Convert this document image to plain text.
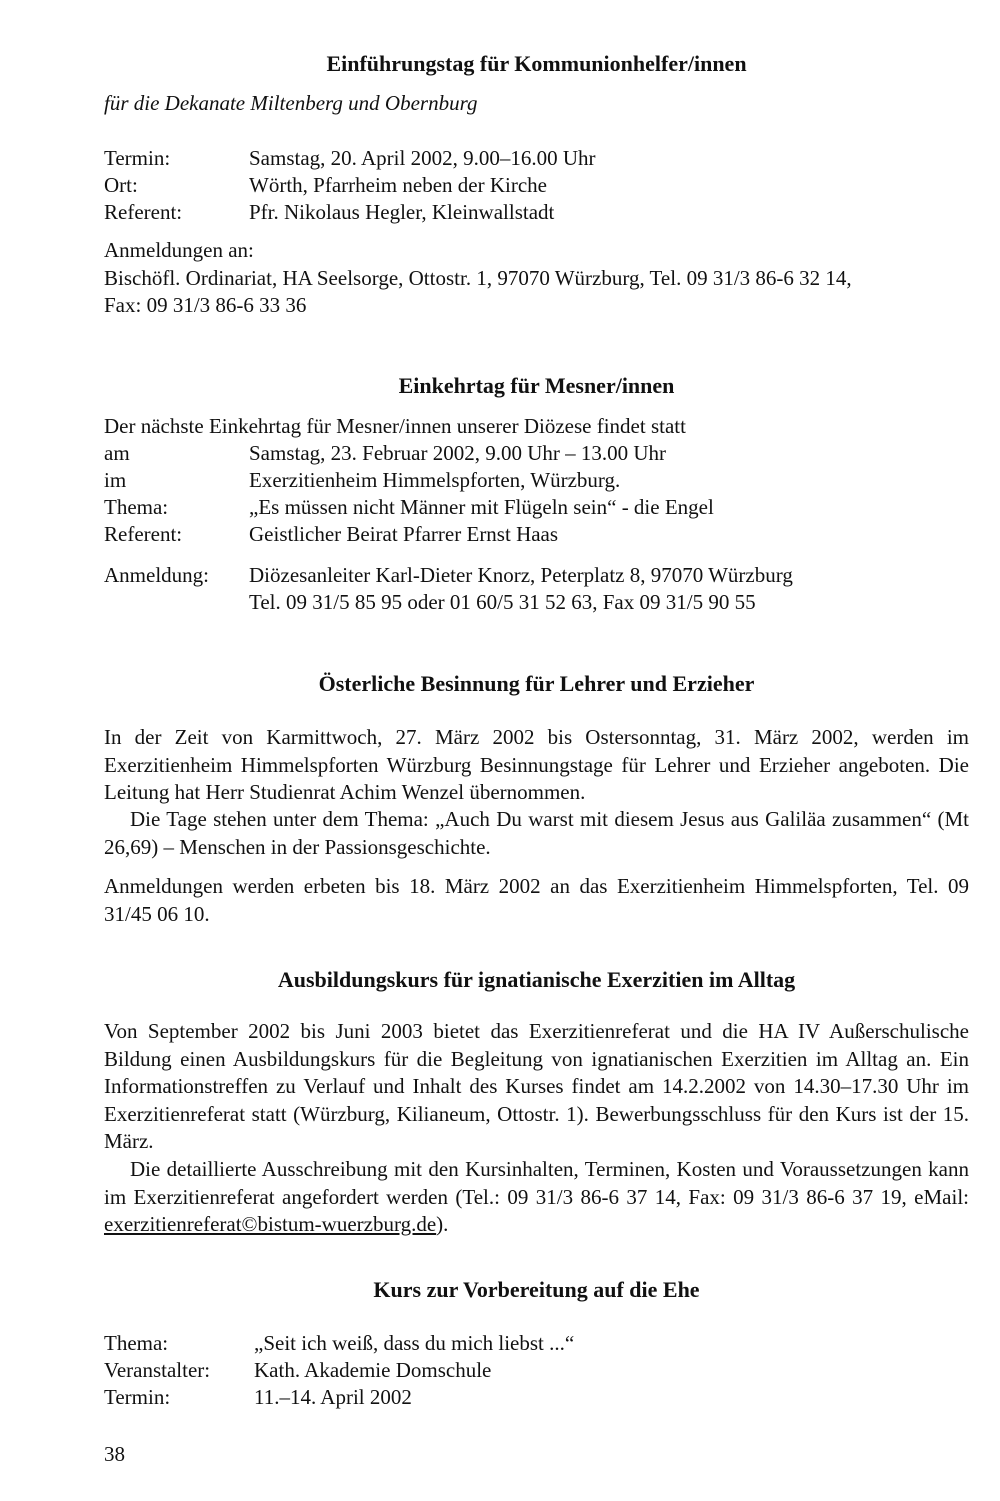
Einführungstag für Kommunionhelfer/innen
für die Dekanate Miltenberg und Obernburg
Termin:	Samstag, 20. April 2002, 9.00–16.00 Uhr
Ort:	Wörth, Pfarrheim neben der Kirche
Referent:	Pfr. Nikolaus Hegler, Kleinwallstadt
Anmeldungen an:
Bischöfl. Ordinariat, HA Seelsorge, Ottostr. 1, 97070 Würzburg, Tel. 09 31/3 86-6 32 14,
Fax: 09 31/3 86-6 33 36
Einkehrtag für Mesner/innen
Der nächste Einkehrtag für Mesner/innen unserer Diözese findet statt
am	Samstag, 23. Februar 2002, 9.00 Uhr – 13.00 Uhr
im	Exerzitienheim Himmelspforten, Würzburg.
Thema:	„Es müssen nicht Männer mit Flügeln sein“ - die Engel
Referent:	Geistlicher Beirat Pfarrer Ernst Haas
Anmeldung: Diözesanleiter Karl-Dieter Knorz, Peterplatz 8, 97070 Würzburg
Tel. 09 31/5 85 95 oder 01 60/5 31 52 63, Fax 09 31/5 90 55
Österliche Besinnung für Lehrer und Erzieher
In der Zeit von Karmittwoch, 27. März 2002 bis Ostersonntag, 31. März 2002, werden im Exerzitienheim Himmelspforten Würzburg Besinnungstage für Lehrer und Erzieher angeboten. Die Leitung hat Herr Studienrat Achim Wenzel übernommen.
Die Tage stehen unter dem Thema: „Auch Du warst mit diesem Jesus aus Galiläa zusammen“ (Mt 26,69) – Menschen in der Passionsgeschichte.
Anmeldungen werden erbeten bis 18. März 2002 an das Exerzitienheim Himmelspforten, Tel. 09 31/45 06 10.
Ausbildungskurs für ignatianische Exerzitien im Alltag
Von September 2002 bis Juni 2003 bietet das Exerzitienreferat und die HA IV Außerschulische Bildung einen Ausbildungskurs für die Begleitung von ignatianischen Exerzitien im Alltag an. Ein Informationstreffen zu Verlauf und Inhalt des Kurses findet am 14.2.2002 von 14.30–17.30 Uhr im Exerzitienreferat statt (Würzburg, Kilianeum, Ottostr. 1). Bewerbungsschluss für den Kurs ist der 15. März.
Die detaillierte Ausschreibung mit den Kursinhalten, Terminen, Kosten und Voraussetzungen kann im Exerzitienreferat angefordert werden (Tel.: 09 31/3 86-6 37 14, Fax: 09 31/3 86-6 37 19, eMail: exerzitienreferat©bistum-wuerzburg.de).
Kurs zur Vorbereitung auf die Ehe
Thema:	„Seit ich weiß, dass du mich liebst ...“
Veranstalter: Kath. Akademie Domschule
Termin:	11.–14. April 2002
38
